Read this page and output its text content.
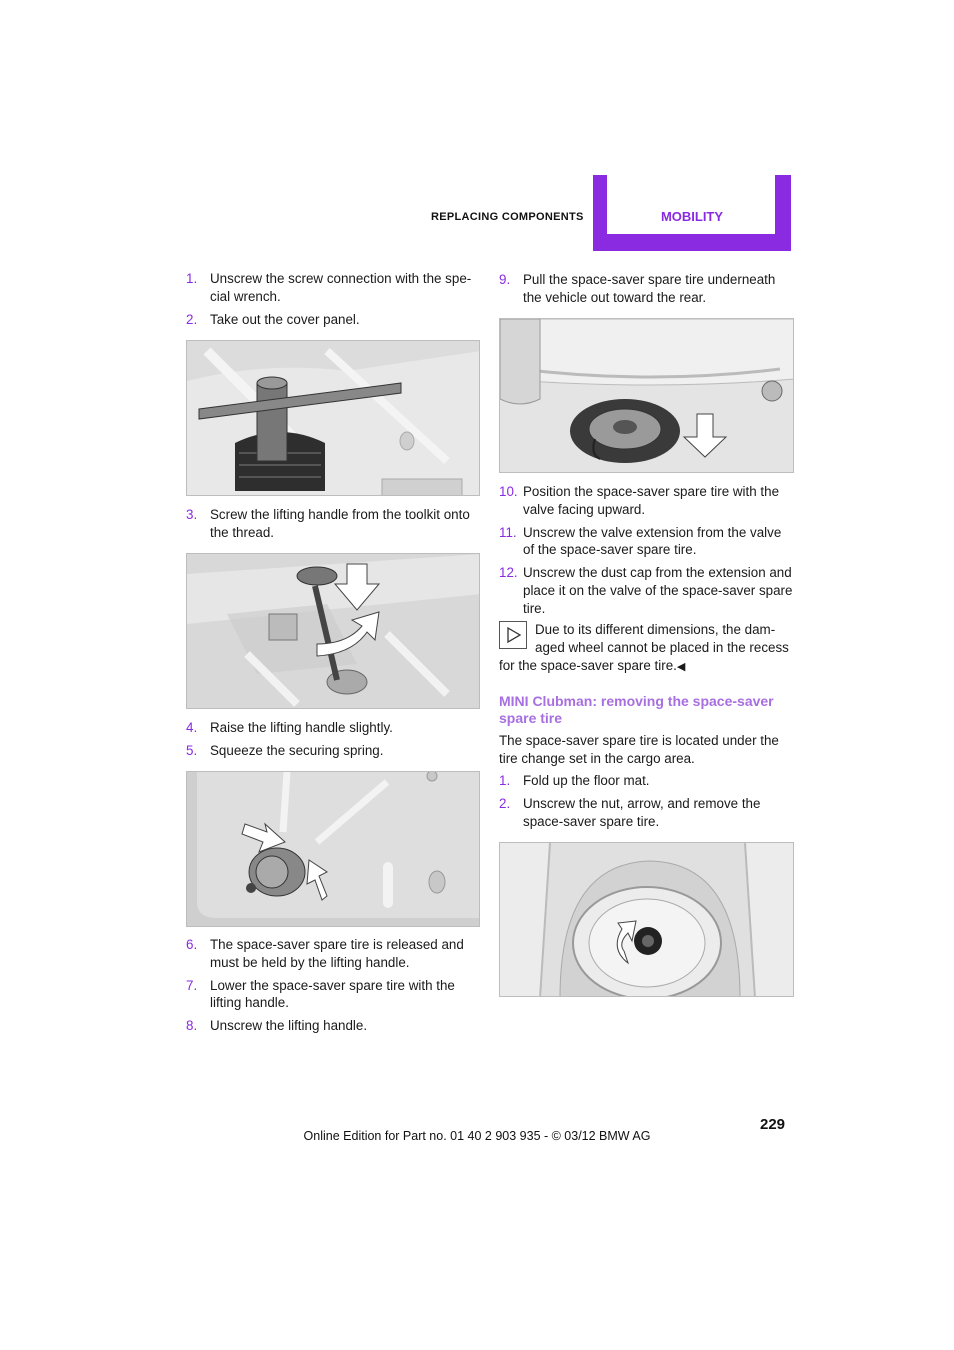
REPLACING COMPONENTS	MOBILITY
1. Unscrew the screw connection with the spe-cial wrench.
2. Take out the cover panel.
3. Screw the lifting handle from the toolkit onto the thread.
4. Raise the lifting handle slightly.
5. Squeeze the securing spring.
6. The space-saver spare tire is released and must be held by the lifting handle.
7. Lower the space-saver spare tire with the lifting handle.
8. Unscrew the lifting handle.
9. Pull the space-saver spare tire underneath the vehicle out toward the rear.
10. Position the space-saver spare tire with the valve facing upward.
11. Unscrew the valve extension from the valve of the space-saver spare tire.
12. Unscrew the dust cap from the extension and place it on the valve of the space-saver spare tire.
Due to its different dimensions, the dam-aged wheel cannot be placed in the recess for the space-saver spare tire.◀
MINI Clubman: removing the space-saver spare tire
The space-saver spare tire is located under the tire change set in the cargo area.
1. Fold up the floor mat.
2. Unscrew the nut, arrow, and remove the space-saver spare tire.
229
Online Edition for Part no. 01 40 2 903 935 - © 03/12 BMW AG
